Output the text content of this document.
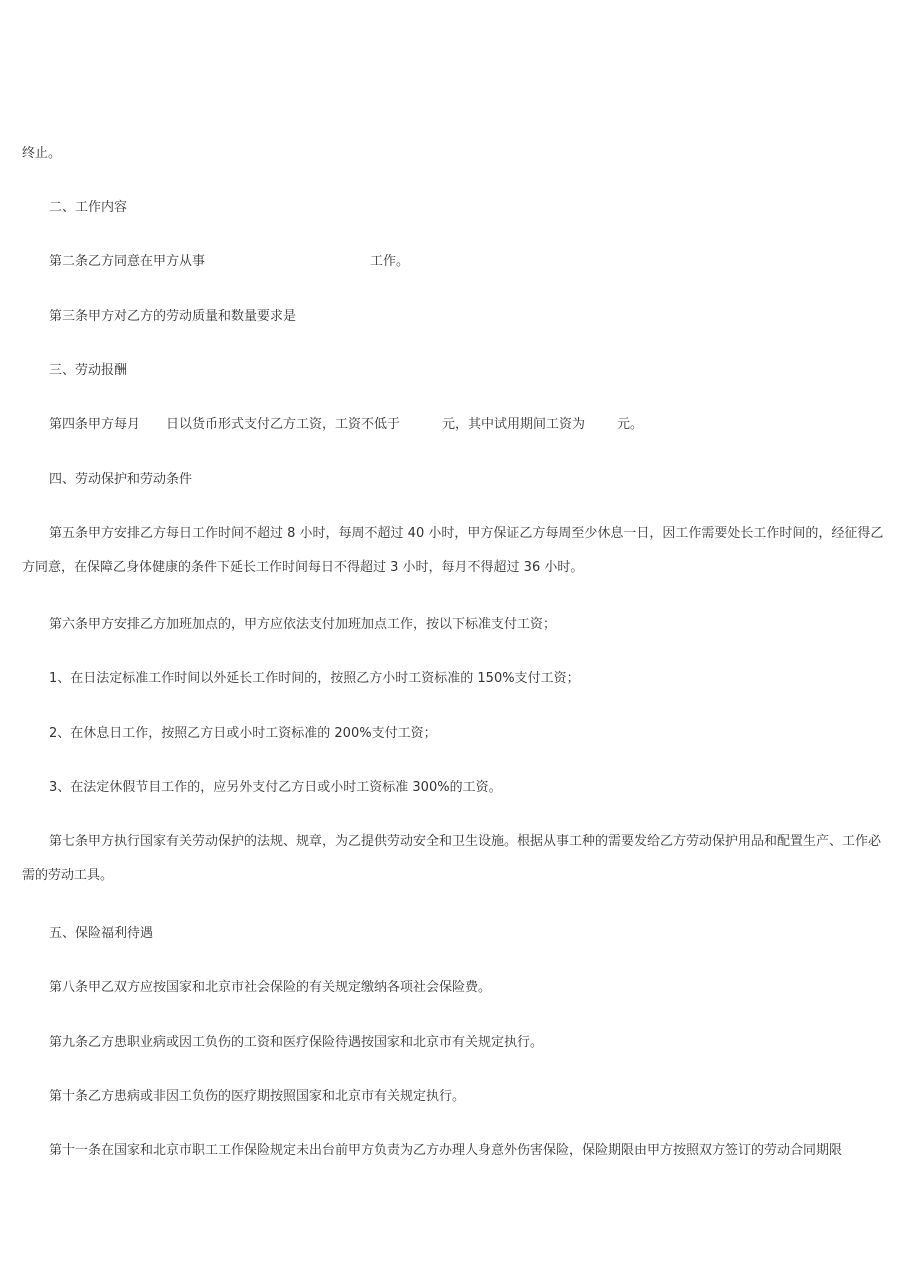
终止。
二、工作内容
第二条乙方同意在甲方从事	工作。
第三条甲方对乙方的劳动质量和数量要求是
三、劳动报酬
第四条甲方每月 日以货币形式支付乙方工资，工资不低于	元，其中试用期间工资为 元。
四、劳动保护和劳动条件
第五条甲方安排乙方每日工作时间不超过 8 小时，每周不超过 40 小时，甲方保证乙方每周至少休息一日，因工作需要处长工作时间的，经征得乙方同意，在保障乙身体健康的条件下延长工作时间每日不得超过 3 小时，每月不得超过 36 小时。
第六条甲方安排乙方加班加点的，甲方应依法支付加班加点工作，按以下标准支付工资；
1、在日法定标准工作时间以外延长工作时间的，按照乙方小时工资标准的 150%支付工资；
2、在休息日工作，按照乙方日或小时工资标准的 200%支付工资；
3、在法定休假节目工作的，应另外支付乙方日或小时工资标准 300%的工资。
第七条甲方执行国家有关劳动保护的法规、规章，为乙提供劳动安全和卫生设施。根据从事工种的需要发给乙方劳动保护用品和配置生产、工作必需的劳动工具。
五、保险福利待遇
第八条甲乙双方应按国家和北京市社会保险的有关规定缴纳各项社会保险费。
第九条乙方患职业病或因工负伤的工资和医疗保险待遇按国家和北京市有关规定执行。
第十条乙方患病或非因工负伤的医疗期按照国家和北京市有关规定执行。
第十一条在国家和北京市职工工作保险规定未出台前甲方负责为乙方办理人身意外伤害保险，保险期限由甲方按照双方签订的劳动合同期限
